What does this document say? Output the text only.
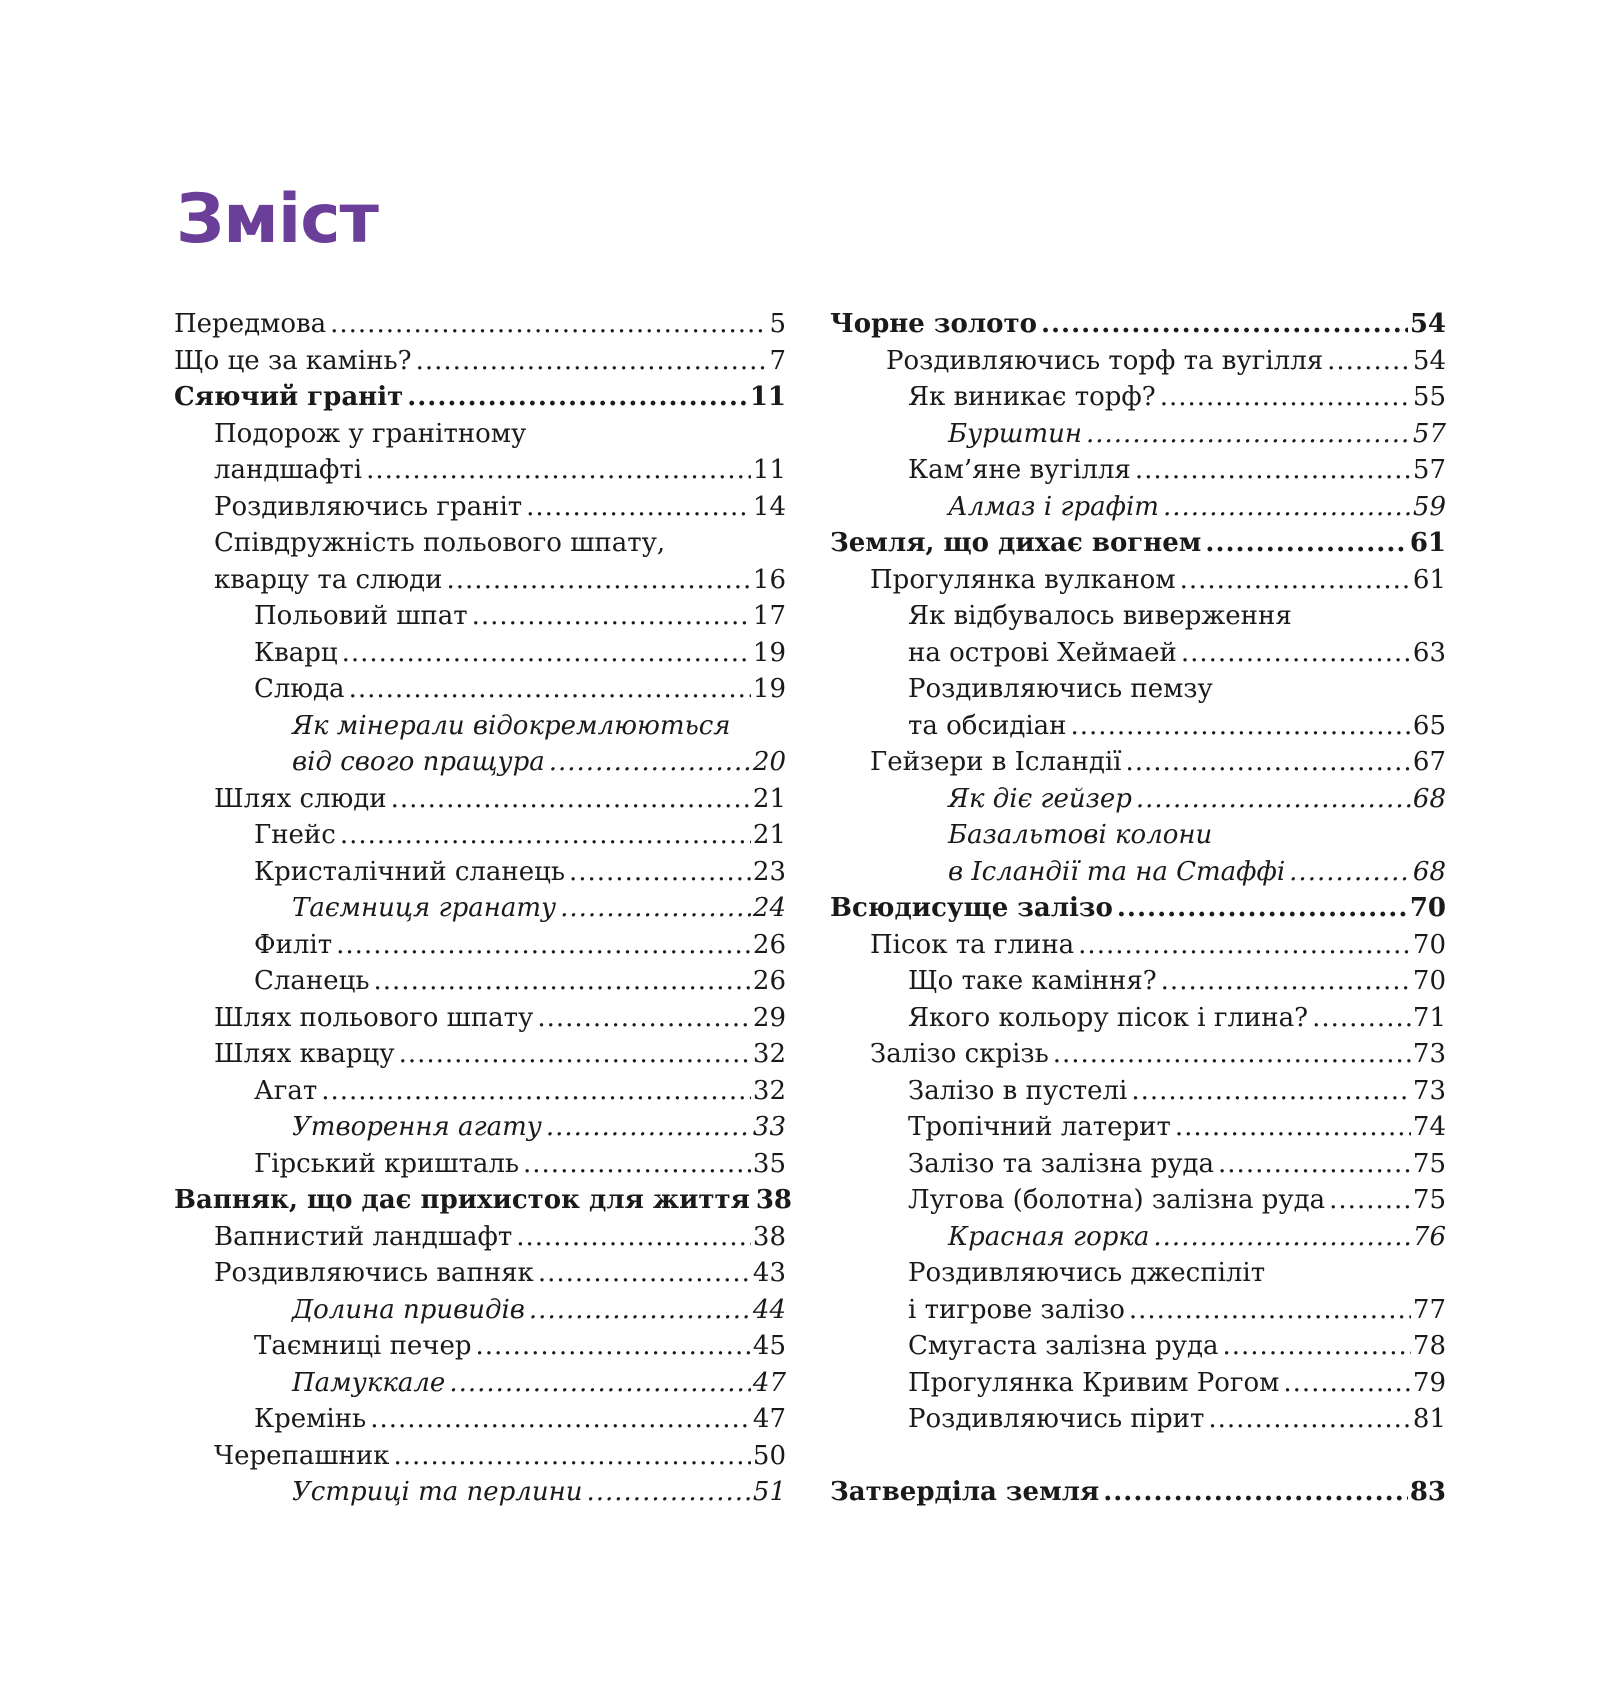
Зміст
Передмова .....	5
Що це за камінь? .....	7
Сяючий граніт .....	11
Подорож у гранітному
ландшафті .....	11
Роздивляючись граніт .....	14
Співдружність польового шпату,
кварцу та слюди .....	16
Польовий шпат .....	17
Кварц .....	19
Слюда .....	19
Як мінерали відокремлюються
від свого пращура .....	20
Шлях слюди .....	21
Гнейс .....	21
Кристалічний сланець .....	23
Таємниця гранату .....	24
Филіт .....	26
Сланець .....	26
Шлях польового шпату .....	29
Шлях кварцу .....	32
Агат .....	32
Утворення агату .....	33
Гірський кришталь .....	35
Вапняк, що дає прихисток для життя 38
Вапнистий ландшафт .....	38
Роздивляючись вапняк .....	43
Долина привидів .....	44
Таємниці печер .....	45
Памуккале .....	47
Кремінь .....	47
Черепашник .....	50
Устриці та перлини .....	51
Чорне золото .....	54
Роздивляючись торф та вугілля .....	54
Як виникає торф? .....	55
Бурштин .....	57
Кам’яне вугілля .....	57
Алмаз і графіт .....	59
Земля, що дихає вогнем .....	61
Прогулянка вулканом .....	61
Як відбувалось виверження
на острові Хеймаей .....	63
Роздивляючись пемзу
та обсидіан .....	65
Гейзери в Ісландії .....	67
Як діє гейзер .....	68
Базальтові колони
в Ісландії та на Стаффі .....	68
Всюдисуще залізо .....	70
Пісок та глина .....	70
Що таке каміння? .....	70
Якого кольору пісок і глина? .....	71
Залізо скрізь .....	73
Залізо в пустелі .....	73
Тропічний латерит .....	74
Залізо та залізна руда .....	75
Лугова (болотна) залізна руда .....	75
Красная горка .....	76
Роздивляючись джеспіліт
і тигрове залізо .....	77
Смугаста залізна руда .....	78
Прогулянка Кривим Рогом .....	79
Роздивляючись пірит .....	81
Затверділа земля .....	83
